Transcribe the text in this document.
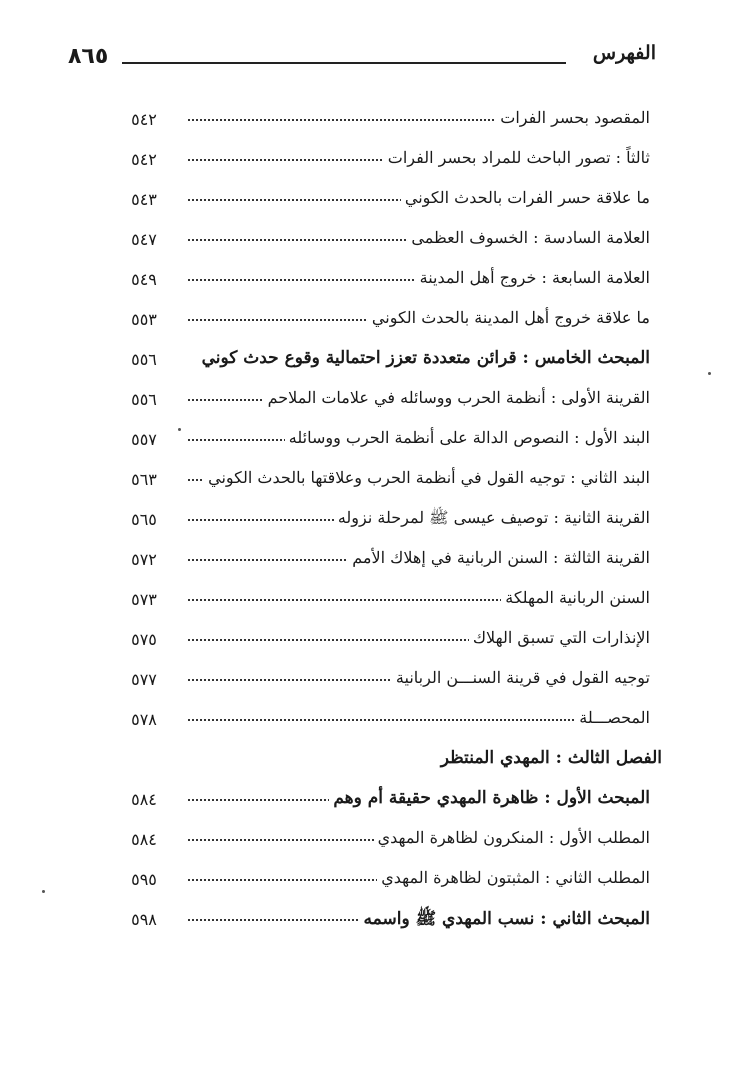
٨٦٥	الفهرس
المقصود بحسر الفرات
٥٤٢
ثالثاً : تصور الباحث للمراد بحسر الفرات
٥٤٢
ما علاقة حسر الفرات بالحدث الكوني
٥٤٣
العلامة السادسة : الخسوف العظمى
٥٤٧
العلامة السابعة : خروج أهل المدينة
٥٤٩
ما علاقة خروج أهل المدينة بالحدث الكوني
٥٥٣
المبحث الخامس : قرائن متعددة تعزز احتمالية وقوع حدث كوني
٥٥٦
القرينة الأولى : أنظمة الحرب ووسائله في علامات الملاحم
٥٥٦
البند الأول : النصوص الدالة على أنظمة الحرب ووسائله
٥٥٧
البند الثاني : توجيه القول في أنظمة الحرب وعلاقتها بالحدث الكوني
٥٦٣
القرينة الثانية : توصيف عيسى ﷺ لمرحلة نزوله
٥٦٥
القرينة الثالثة : السنن الربانية في إهلاك الأمم
٥٧٢
السنن الربانية المهلكة
٥٧٣
الإنذارات التي تسبق الهلاك
٥٧٥
توجيه القول في قرينة السنـــن الربانية
٥٧٧
المحصـــلة
٥٧٨
الفصل الثالث : المهدي المنتظر
المبحث الأول : ظاهرة المهدي حقيقة أم وهم
٥٨٤
المطلب الأول : المنكرون لظاهرة المهدي
٥٨٤
المطلب الثاني : المثبتون لظاهرة المهدي
٥٩٥
المبحث الثاني : نسب المهدي ﷺ واسمه
٥٩٨
